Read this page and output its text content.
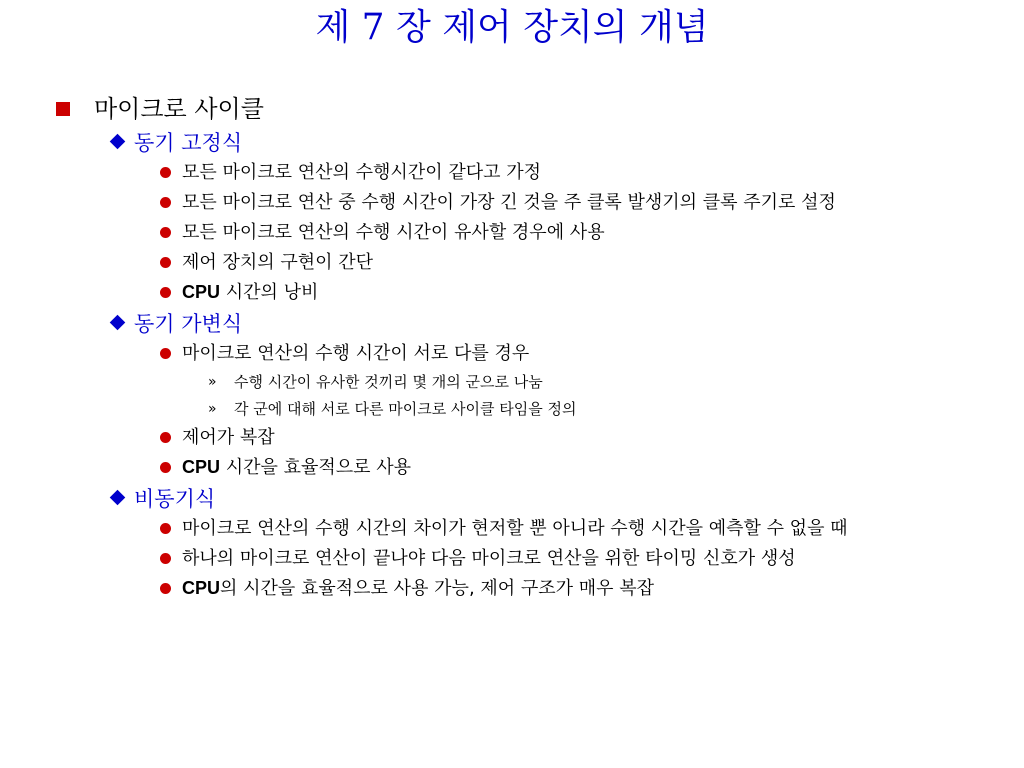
제 7 장 제어 장치의 개념
마이크로 사이클
동기 고정식
모든 마이크로 연산의 수행시간이 같다고 가정
모든 마이크로 연산 중 수행 시간이 가장 긴 것을 주 클록 발생기의 클록 주기로 설정
모든 마이크로 연산의 수행 시간이 유사할 경우에 사용
제어 장치의 구현이 간단
CPU 시간의 낭비
동기 가변식
마이크로 연산의 수행 시간이 서로 다를 경우
»	수행 시간이 유사한 것끼리 몇 개의 군으로 나눔
»	각 군에 대해 서로 다른 마이크로 사이클 타임을 정의
제어가 복잡
CPU 시간을 효율적으로 사용
비동기식
마이크로 연산의 수행 시간의 차이가 현저할 뿐 아니라 수행 시간을 예측할 수 없을 때
하나의 마이크로 연산이 끝나야 다음 마이크로 연산을 위한 타이밍 신호가 생성
CPU의 시간을 효율적으로 사용 가능, 제어 구조가 매우 복잡
